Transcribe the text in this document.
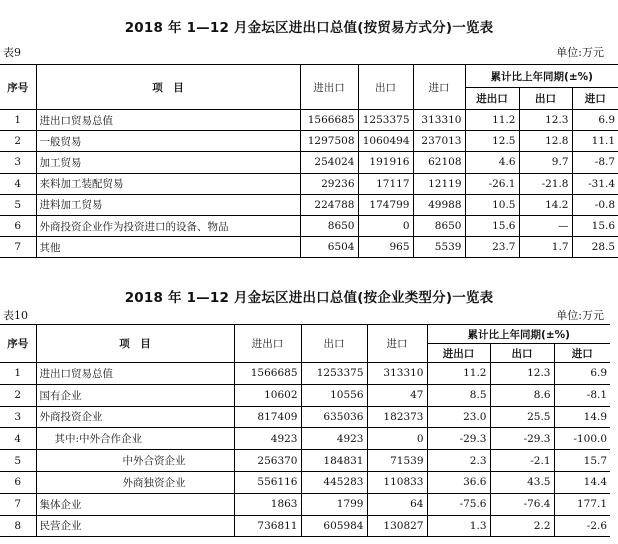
2018 年 1—12 月金坛区进出口总值(按贸易方式分)一览表
表9	单位:万元
序号	项　目	进出口	出口	进口	累计比上年同期(±%)		
					进出口	出口	进口
1	进出口贸易总值	1566685	1253375	313310	11.2	12.3	6.9
2	一般贸易	1297508	1060494	237013	12.5	12.8	11.1
3	加工贸易	254024	191916	62108	4.6	9.7	-8.7
4	来料加工装配贸易	29236	17117	12119	-26.1	-21.8	-31.4
5	进料加工贸易	224788	174799	49988	10.5	14.2	-0.8
6	外商投资企业作为投资进口的设备、物品	8650	0	8650	15.6	—	15.6
7	其他	6504	965	5539	23.7	1.7	28.5
2018 年 1—12 月金坛区进出口总值(按企业类型分)一览表
表10	单位:万元
序号	项　目	进出口	出口	进口	累计比上年同期(±%)		
					进出口	出口	进口
1	进出口贸易总值	1566685	1253375	313310	11.2	12.3	6.9
2	国有企业	10602	10556	47	8.5	8.6	-8.1
3	外商投资企业	817409	635036	182373	23.0	25.5	14.9
4	其中:中外合作企业	4923	4923	0	-29.3	-29.3	-100.0
5	中外合资企业	256370	184831	71539	2.3	-2.1	15.7
6	外商独资企业	556116	445283	110833	36.6	43.5	14.4
7	集体企业	1863	1799	64	-75.6	-76.4	177.1
8	民营企业	736811	605984	130827	1.3	2.2	-2.6
